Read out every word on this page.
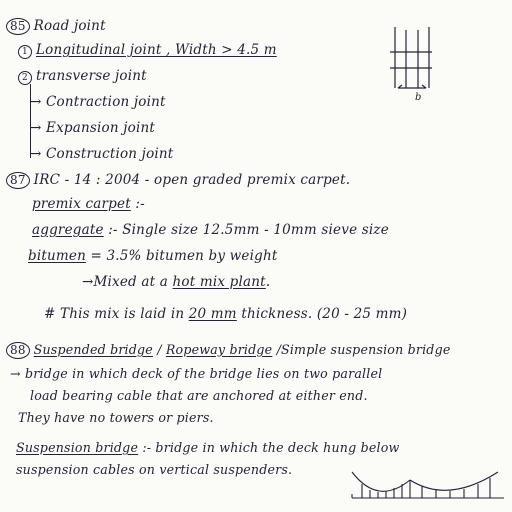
85 Road joint
1 Longitudinal joint , Width > 4.5 m
2 transverse joint
→ Contraction joint
→ Expansion joint
→ Construction joint
b
87 IRC - 14 : 2004 - open graded premix carpet.
premix carpet :-
aggregate :- Single size 12.5mm - 10mm sieve size
bitumen = 3.5% bitumen by weight
→Mixed at a hot mix plant.
# This mix is laid in 20 mm thickness. (20 - 25 mm)
88 Suspended bridge / Ropeway bridge /Simple suspension bridge
→ bridge in which deck of the bridge lies on two parallel
load bearing cable that are anchored at either end.
They have no towers or piers.
Suspension bridge :- bridge in which the deck hung below
suspension cables on vertical suspenders.
